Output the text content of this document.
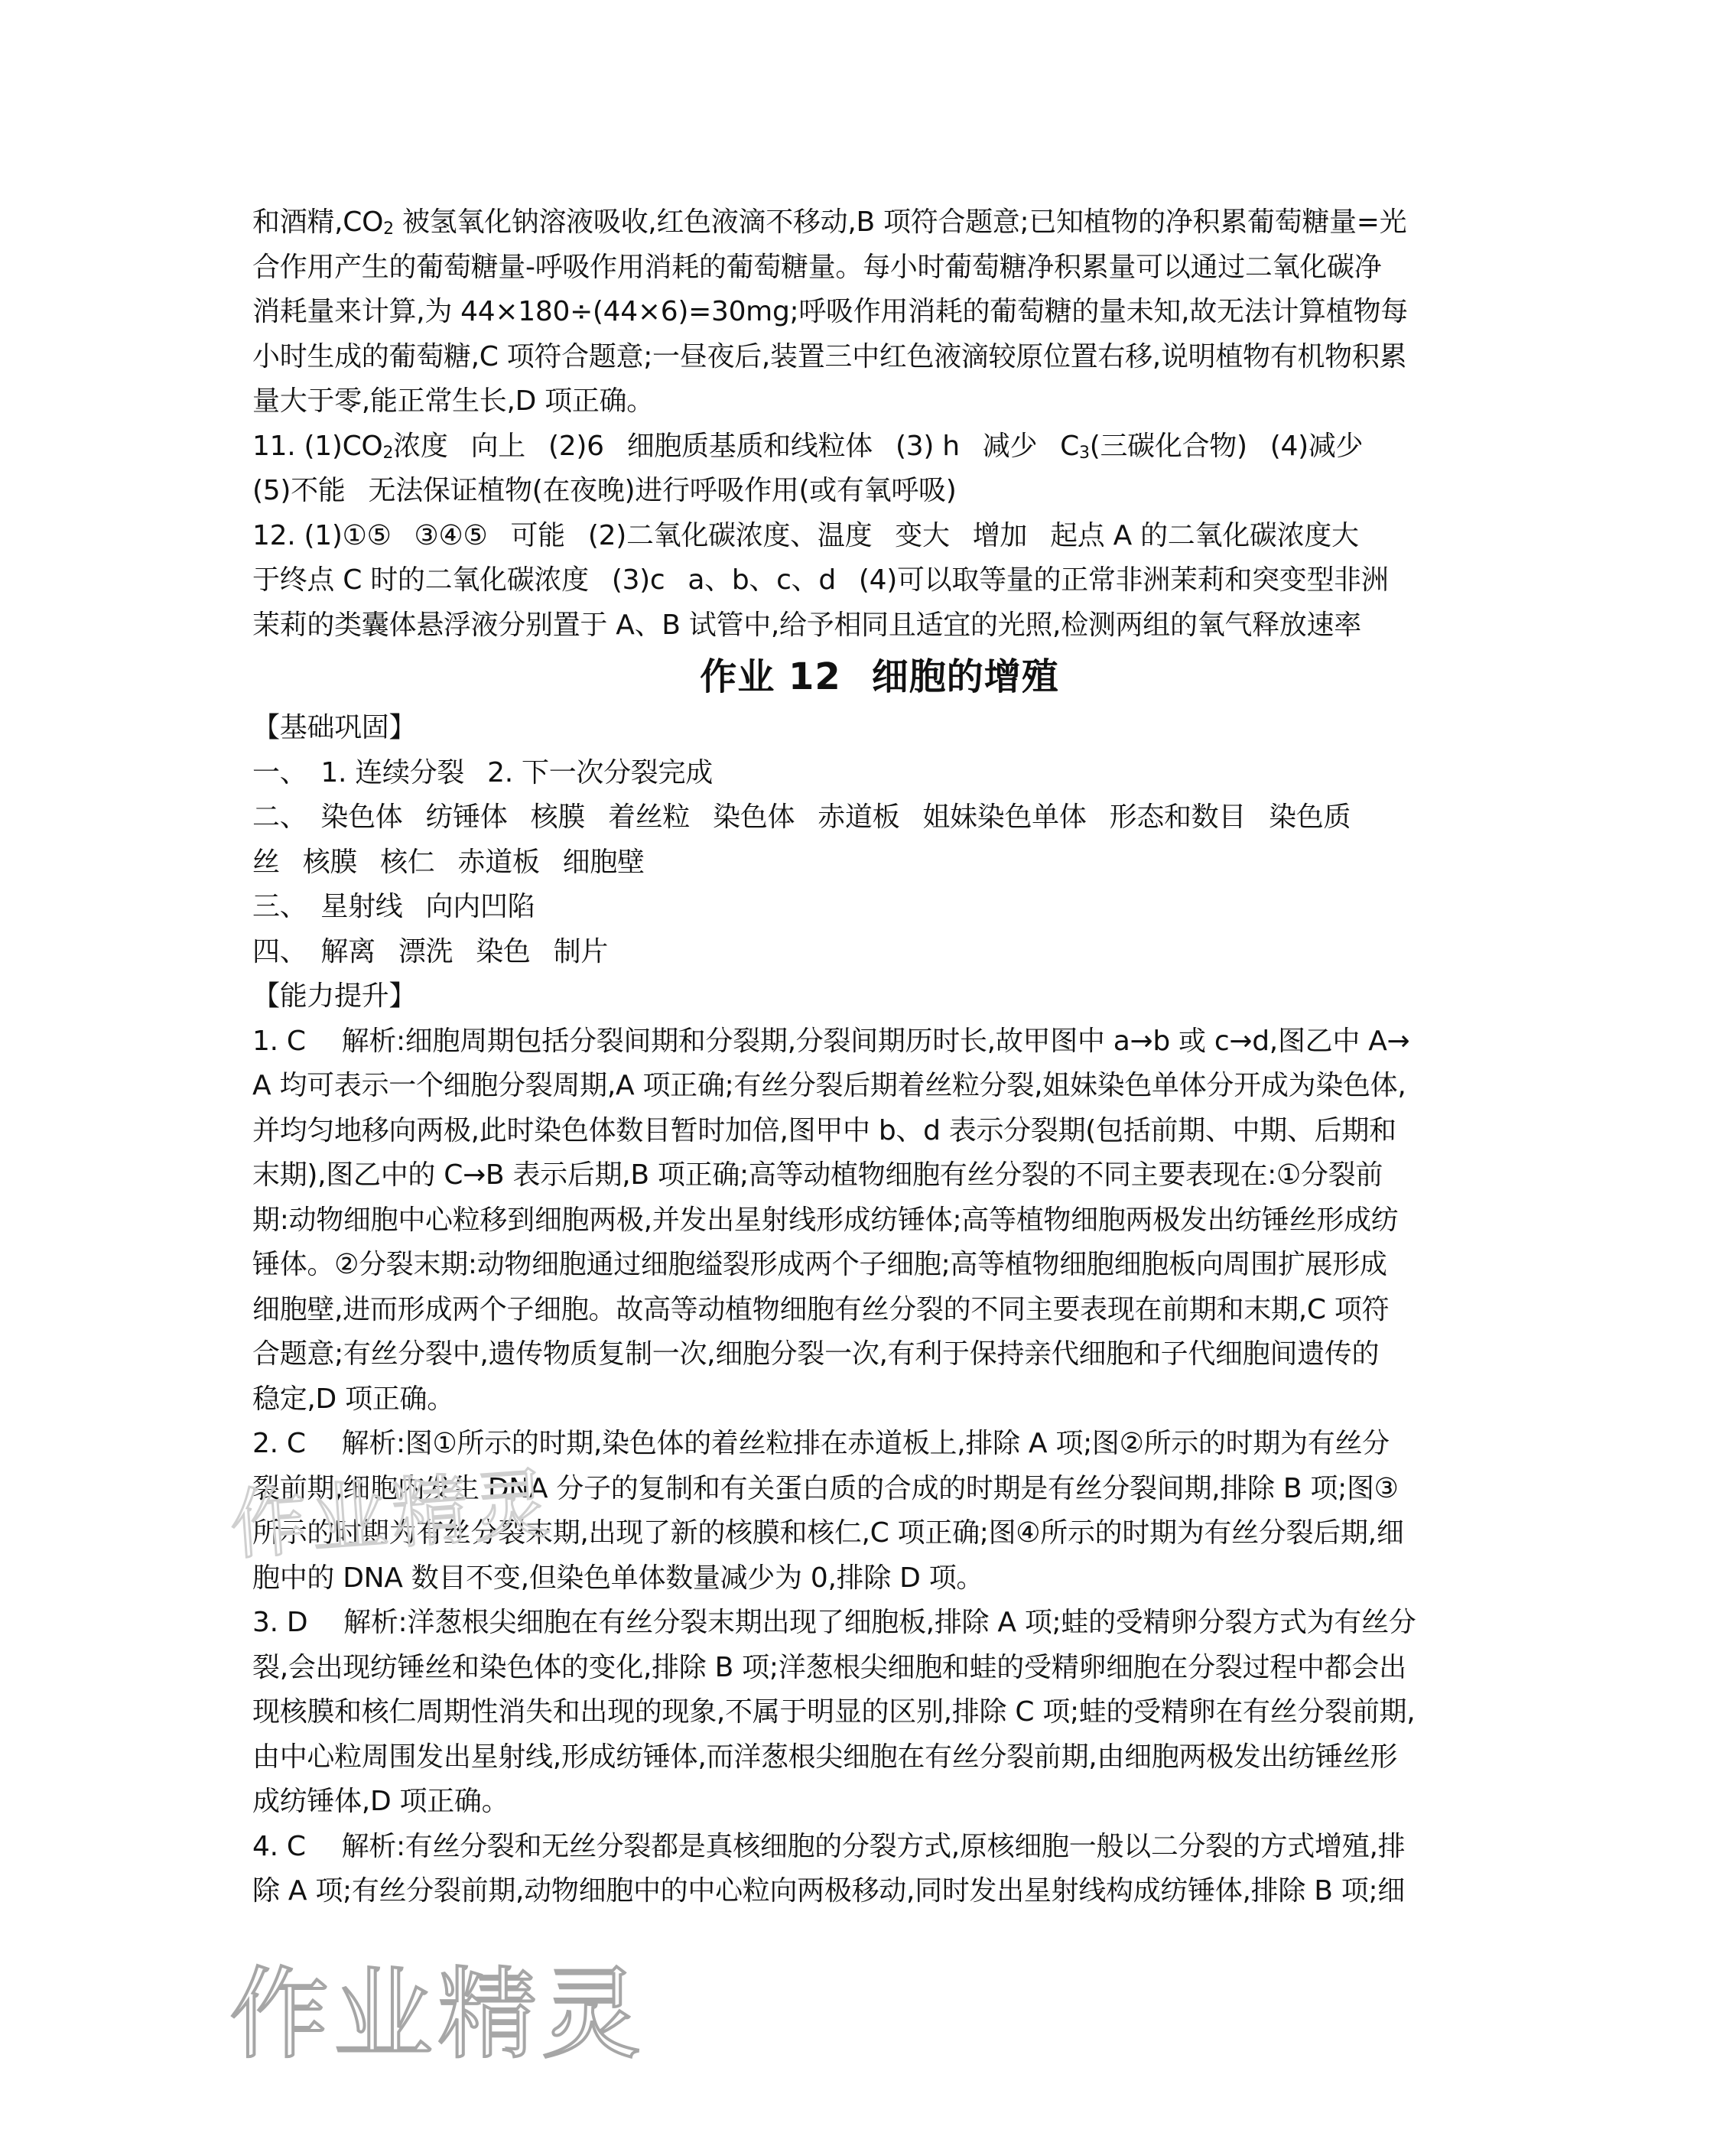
和酒精$,CO_2$ 被氢氧化钠溶液吸收,红色液滴不移动,B 项符合题意;已知植物的净积累葡萄糖量=光
合作用产生的葡萄糖量-呼吸作用消耗的葡萄糖量。每小时葡萄糖净积累量可以通过二氧化碳净
消耗量来计算,为 44×180÷(44×6)=30mg;呼吸作用消耗的葡萄糖的量未知,故无法计算植物每
小时生成的葡萄糖,C 项符合题意;一昼夜后,装置三中红色液滴较原位置右移,说明植物有机物积累
量大于零,能正常生长,D 项正确。
11. $(1)CO_2$浓度 向上 (2)6 细胞质基质和线粒体 (3) h 减少 $C_3$(三碳化合物) (4)减少
(5)不能 无法保证植物(在夜晚)进行呼吸作用(或有氧呼吸)
12. (1)①⑤ ③④⑤ 可能 (2)二氧化碳浓度、温度 变大 增加 起点 A 的二氧化碳浓度大
于终点 C 时的二氧化碳浓度 (3)c a、b、c、d (4)可以取等量的正常非洲茉莉和突变型非洲
茉莉的类囊体悬浮液分别置于 A、B 试管中,给予相同且适宜的光照,检测两组的氧气释放速率
作业 12 细胞的增殖
【基础巩固】
一、 1. 连续分裂 2. 下一次分裂完成
二、 染色体 纺锤体 核膜 着丝粒 染色体 赤道板 姐妹染色单体 形态和数目 染色质
丝 核膜 核仁 赤道板 细胞壁
三、 星射线 向内凹陷
四、 解离 漂洗 染色 制片
【能力提升】
1. C　 解析:细胞周期包括分裂间期和分裂期,分裂间期历时长,故甲图中 a→b 或 c→d,图乙中 A→
A 均可表示一个细胞分裂周期,A 项正确;有丝分裂后期着丝粒分裂,姐妹染色单体分开成为染色体,
并均匀地移向两极,此时染色体数目暂时加倍,图甲中 b、d 表示分裂期(包括前期、中期、后期和
末期),图乙中的 C→B 表示后期,B 项正确;高等动植物细胞有丝分裂的不同主要表现在:①分裂前
期:动物细胞中心粒移到细胞两极,并发出星射线形成纺锤体;高等植物细胞两极发出纺锤丝形成纺
锤体。②分裂末期:动物细胞通过细胞缢裂形成两个子细胞;高等植物细胞细胞板向周围扩展形成
细胞壁,进而形成两个子细胞。故高等动植物细胞有丝分裂的不同主要表现在前期和末期,C 项符
合题意;有丝分裂中,遗传物质复制一次,细胞分裂一次,有利于保持亲代细胞和子代细胞间遗传的
稳定,D 项正确。
2. C　 解析:图①所示的时期,染色体的着丝粒排在赤道板上,排除 A 项;图②所示的时期为有丝分
裂前期,细胞内发生 DNA 分子的复制和有关蛋白质的合成的时期是有丝分裂间期,排除 B 项;图③
所示的时期为有丝分裂末期,出现了新的核膜和核仁,C 项正确;图④所示的时期为有丝分裂后期,细
胞中的 DNA 数目不变,但染色单体数量减少为 0,排除 D 项。
3. D　 解析:洋葱根尖细胞在有丝分裂末期出现了细胞板,排除 A 项;蛙的受精卵分裂方式为有丝分
裂,会出现纺锤丝和染色体的变化,排除 B 项;洋葱根尖细胞和蛙的受精卵细胞在分裂过程中都会出
现核膜和核仁周期性消失和出现的现象,不属于明显的区别,排除 C 项;蛙的受精卵在有丝分裂前期,
由中心粒周围发出星射线,形成纺锤体,而洋葱根尖细胞在有丝分裂前期,由细胞两极发出纺锤丝形
成纺锤体,D 项正确。
4. C　 解析:有丝分裂和无丝分裂都是真核细胞的分裂方式,原核细胞一般以二分裂的方式增殖,排
除 A 项;有丝分裂前期,动物细胞中的中心粒向两极移动,同时发出星射线构成纺锤体,排除 B 项;细
作业精灵
作业精灵
